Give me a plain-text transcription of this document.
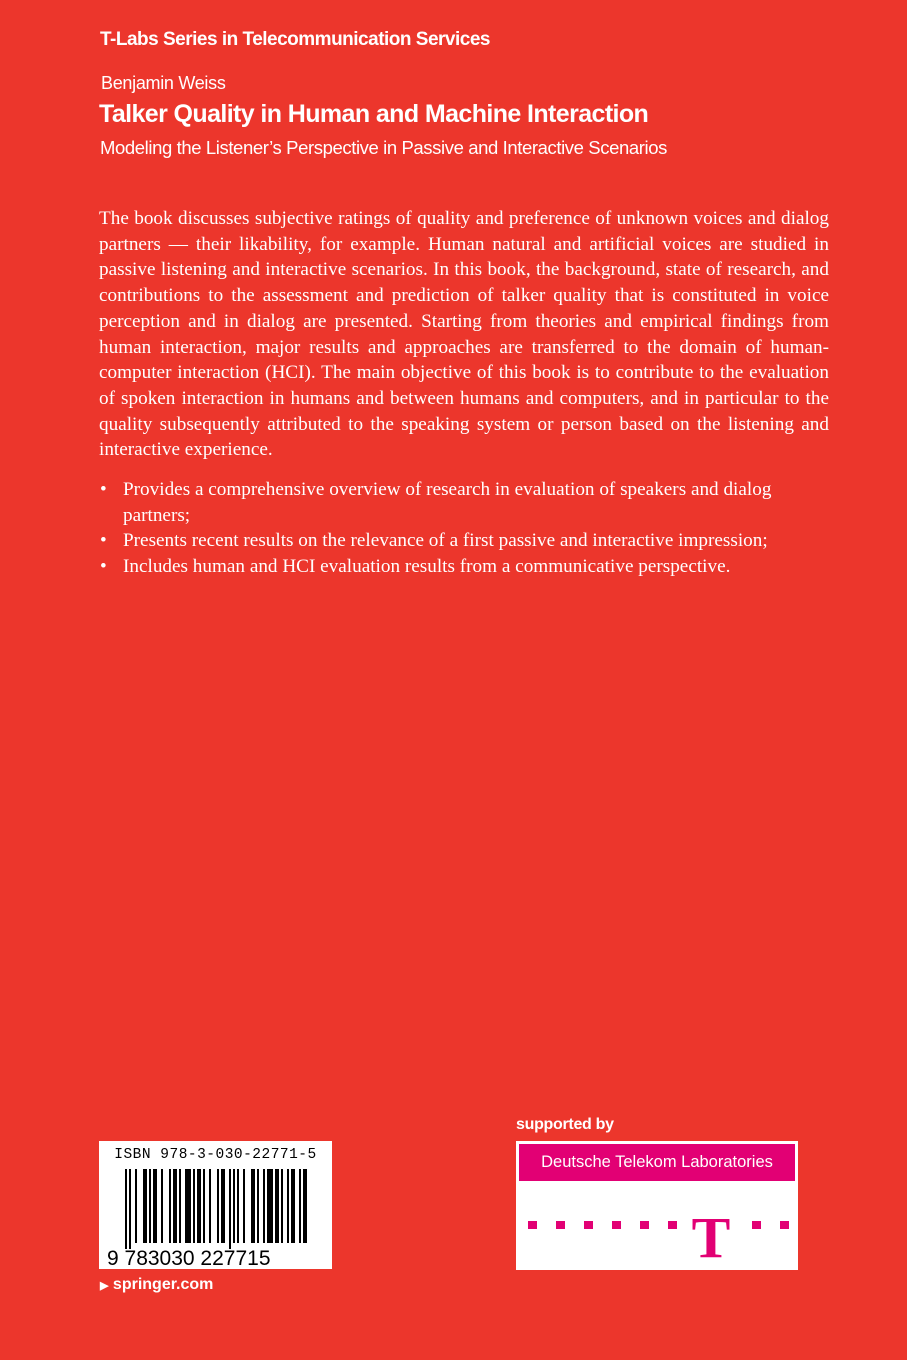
T-Labs Series in Telecommunication Services
Benjamin Weiss
Talker Quality in Human and Machine Interaction
Modeling the Listener’s Perspective in Passive and Interactive Scenarios

The book discusses subjective ratings of quality and preference of unknown voices and dialog partners — their likability, for example. Human natural and artificial voices are studied in passive listening and interactive scenarios. In this book, the background, state of research, and contributions to the assessment and prediction of talker quality that is constituted in voice perception and in dialog are presented. Starting from theories and empirical findings from human interaction, major results and approaches are transferred to the domain of human-computer interaction (HCI). The main objective of this book is to contribute to the evaluation of spoken interaction in humans and between humans and computers, and in particular to the quality subsequently attributed to the speaking system or person based on the listening and interactive experience.

• Provides a comprehensive overview of research in evaluation of speakers and dialog partners;
• Presents recent results on the relevance of a first passive and interactive impression;
• Includes human and HCI evaluation results from a communicative perspective.
ISBN 978-3-030-22771-5
9 783030 227715
▶ springer.com
supported by
Deutsche Telekom Laboratories
T
